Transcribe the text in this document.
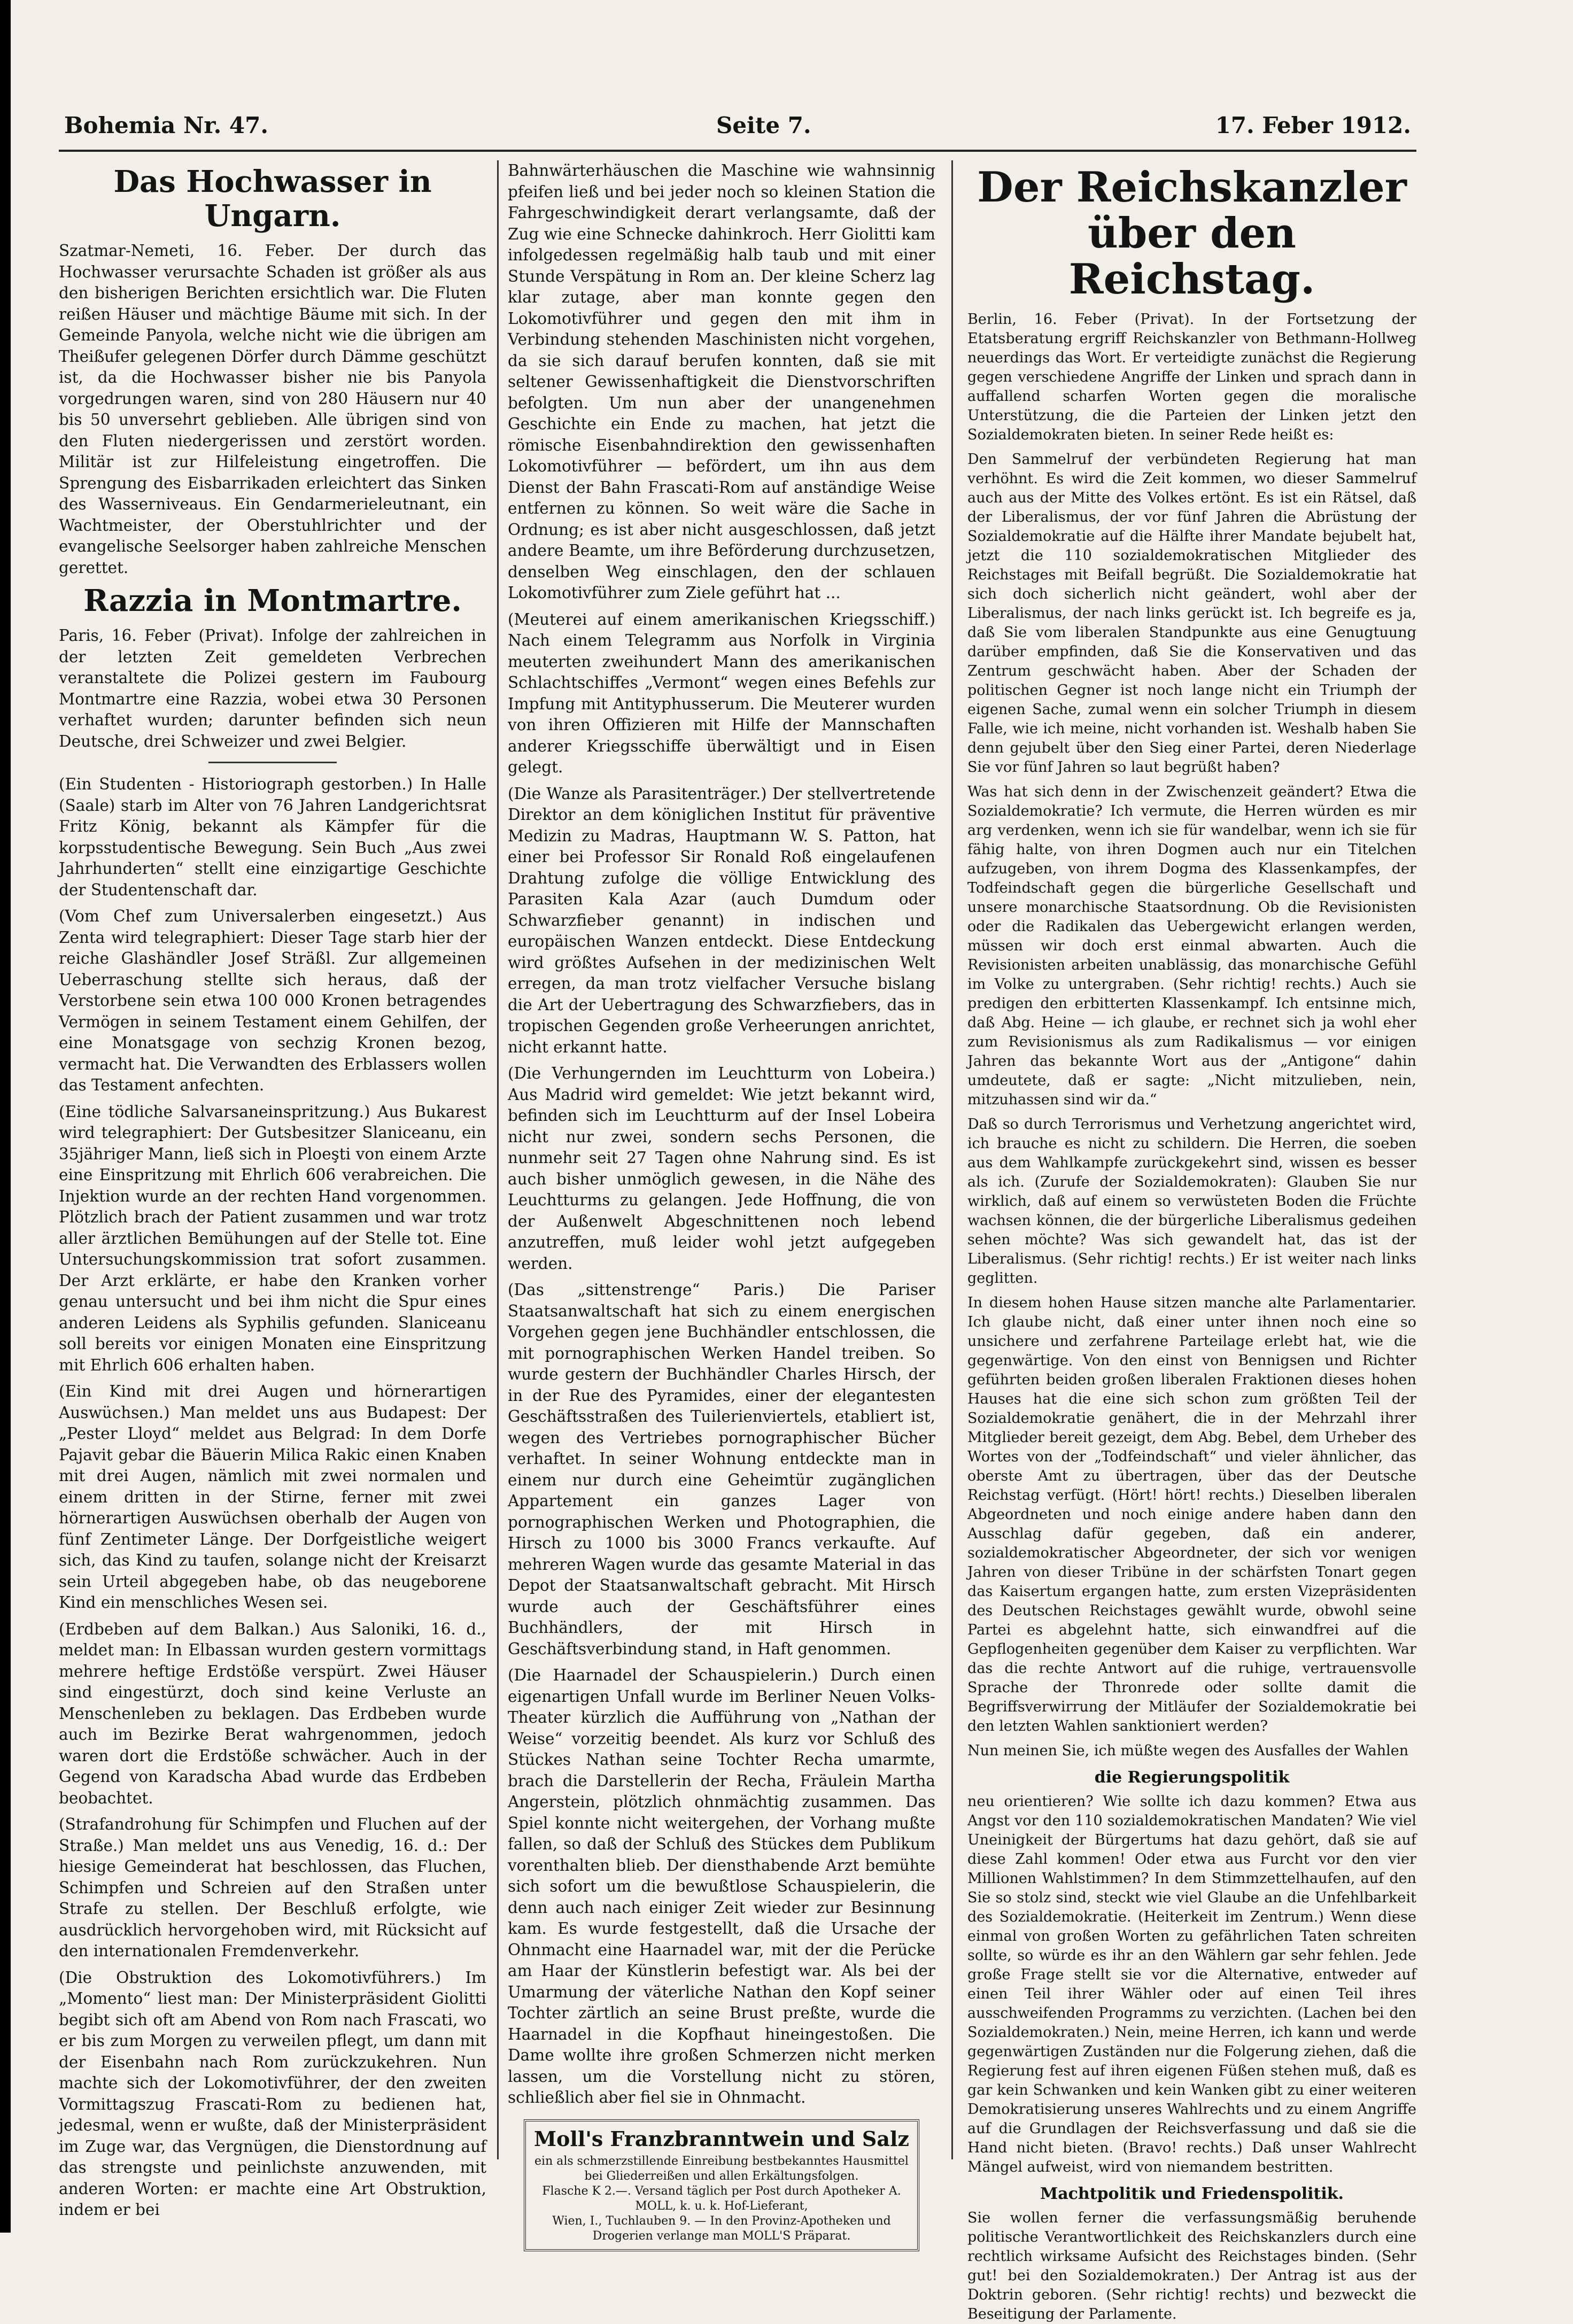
Bohemia Nr. 47.	Seite 7.	17. Feber 1912.
Das Hochwasser in Ungarn.

Szatmar-Nemeti, 16. Feber. Der durch das Hochwasser verursachte Schaden ist größer als aus den bisherigen Berichten ersichtlich war. Die Fluten reißen Häuser und mächtige Bäume mit sich. In der Gemeinde Panyola, welche nicht wie die übrigen am Theißufer gelegenen Dörfer durch Dämme geschützt ist, da die Hochwasser bisher nie bis Panyola vorgedrungen waren, sind von 280 Häusern nur 40 bis 50 unversehrt geblieben. Alle übrigen sind von den Fluten niedergerissen und zerstört worden. Militär ist zur Hilfeleistung eingetroffen. Die Sprengung des Eisbarrikaden erleichtert das Sinken des Wasserniveaus. Ein Gendarmerieleutnant, ein Wachtmeister, der Oberstuhlrichter und der evangelische Seelsorger haben zahlreiche Menschen gerettet.

Razzia in Montmartre.

Paris, 16. Feber (Privat). Infolge der zahlreichen in der letzten Zeit gemeldeten Verbrechen veranstaltete die Polizei gestern im Faubourg Montmartre eine Razzia, wobei etwa 30 Personen verhaftet wurden; darunter befinden sich neun Deutsche, drei Schweizer und zwei Belgier.

(Ein Studenten - Historiograph gestorben.) In Halle (Saale) starb im Alter von 76 Jahren Landgerichtsrat Fritz König, bekannt als Kämpfer für die korpsstudentische Bewegung. Sein Buch „Aus zwei Jahrhunderten“ stellt eine einzigartige Geschichte der Studentenschaft dar.

(Vom Chef zum Universalerben eingesetzt.) Aus Zenta wird telegraphiert: Dieser Tage starb hier der reiche Glashändler Josef Sträßl. Zur allgemeinen Ueberraschung stellte sich heraus, daß der Verstorbene sein etwa 100 000 Kronen betragendes Vermögen in seinem Testament einem Gehilfen, der eine Monatsgage von sechzig Kronen bezog, vermacht hat. Die Verwandten des Erblassers wollen das Testament anfechten.

(Eine tödliche Salvarsaneinspritzung.) Aus Bukarest wird telegraphiert: Der Gutsbesitzer Slaniceanu, ein 35jähriger Mann, ließ sich in Ploeşti von einem Arzte eine Einspritzung mit Ehrlich 606 verabreichen. Die Injektion wurde an der rechten Hand vorgenommen. Plötzlich brach der Patient zusammen und war trotz aller ärztlichen Bemühungen auf der Stelle tot. Eine Untersuchungskommission trat sofort zusammen. Der Arzt erklärte, er habe den Kranken vorher genau untersucht und bei ihm nicht die Spur eines anderen Leidens als Syphilis gefunden. Slaniceanu soll bereits vor einigen Monaten eine Einspritzung mit Ehrlich 606 erhalten haben.

(Ein Kind mit drei Augen und hörnerartigen Auswüchsen.) Man meldet uns aus Budapest: Der „Pester Lloyd“ meldet aus Belgrad: In dem Dorfe Pajavit gebar die Bäuerin Milica Rakic einen Knaben mit drei Augen, nämlich mit zwei normalen und einem dritten in der Stirne, ferner mit zwei hörnerartigen Auswüchsen oberhalb der Augen von fünf Zentimeter Länge. Der Dorfgeistliche weigert sich, das Kind zu taufen, solange nicht der Kreisarzt sein Urteil abgegeben habe, ob das neugeborene Kind ein menschliches Wesen sei.

(Erdbeben auf dem Balkan.) Aus Saloniki, 16. d., meldet man: In Elbassan wurden gestern vormittags mehrere heftige Erdstöße verspürt. Zwei Häuser sind eingestürzt, doch sind keine Verluste an Menschenleben zu beklagen. Das Erdbeben wurde auch im Bezirke Berat wahrgenommen, jedoch waren dort die Erdstöße schwächer. Auch in der Gegend von Karadscha Abad wurde das Erdbeben beobachtet.

(Strafandrohung für Schimpfen und Fluchen auf der Straße.) Man meldet uns aus Venedig, 16. d.: Der hiesige Gemeinderat hat beschlossen, das Fluchen, Schimpfen und Schreien auf den Straßen unter Strafe zu stellen. Der Beschluß erfolgte, wie ausdrücklich hervorgehoben wird, mit Rücksicht auf den internationalen Fremdenverkehr.

(Die Obstruktion des Lokomotivführers.) Im „Momento“ liest man: Der Ministerpräsident Giolitti begibt sich oft am Abend von Rom nach Frascati, wo er bis zum Morgen zu verweilen pflegt, um dann mit der Eisenbahn nach Rom zurückzukehren. Nun machte sich der Lokomotivführer, der den zweiten Vormittagszug Frascati-Rom zu bedienen hat, jedesmal, wenn er wußte, daß der Ministerpräsident im Zuge war, das Vergnügen, die Dienstordnung auf das strengste und peinlichste anzuwenden, mit anderen Worten: er machte eine Art Obstruktion, indem er bei

Bahnwärterhäuschen die Maschine wie wahnsinnig pfeifen ließ und bei jeder noch so kleinen Station die Fahrgeschwindigkeit derart verlangsamte, daß der Zug wie eine Schnecke dahinkroch. Herr Giolitti kam infolgedessen regelmäßig halb taub und mit einer Stunde Verspätung in Rom an. Der kleine Scherz lag klar zutage, aber man konnte gegen den Lokomotivführer und gegen den mit ihm in Verbindung stehenden Maschinisten nicht vorgehen, da sie sich darauf berufen konnten, daß sie mit seltener Gewissenhaftigkeit die Dienstvorschriften befolgten. Um nun aber der unangenehmen Geschichte ein Ende zu machen, hat jetzt die römische Eisenbahndirektion den gewissenhaften Lokomotivführer — befördert, um ihn aus dem Dienst der Bahn Frascati-Rom auf anständige Weise entfernen zu können. So weit wäre die Sache in Ordnung; es ist aber nicht ausgeschlossen, daß jetzt andere Beamte, um ihre Beförderung durchzusetzen, denselben Weg einschlagen, den der schlauen Lokomotivführer zum Ziele geführt hat ...

(Meuterei auf einem amerikanischen Kriegsschiff.) Nach einem Telegramm aus Norfolk in Virginia meuterten zweihundert Mann des amerikanischen Schlachtschiffes „Vermont“ wegen eines Befehls zur Impfung mit Antityphusserum. Die Meuterer wurden von ihren Offizieren mit Hilfe der Mannschaften anderer Kriegsschiffe überwältigt und in Eisen gelegt.

(Die Wanze als Parasitenträger.) Der stellvertretende Direktor an dem königlichen Institut für präventive Medizin zu Madras, Hauptmann W. S. Patton, hat einer bei Professor Sir Ronald Roß eingelaufenen Drahtung zufolge die völlige Entwicklung des Parasiten Kala Azar (auch Dumdum oder Schwarzfieber genannt) in indischen und europäischen Wanzen entdeckt. Diese Entdeckung wird größtes Aufsehen in der medizinischen Welt erregen, da man trotz vielfacher Versuche bislang die Art der Uebertragung des Schwarzfiebers, das in tropischen Gegenden große Verheerungen anrichtet, nicht erkannt hatte.

(Die Verhungernden im Leuchtturm von Lobeira.) Aus Madrid wird gemeldet: Wie jetzt bekannt wird, befinden sich im Leuchtturm auf der Insel Lobeira nicht nur zwei, sondern sechs Personen, die nunmehr seit 27 Tagen ohne Nahrung sind. Es ist auch bisher unmöglich gewesen, in die Nähe des Leuchtturms zu gelangen. Jede Hoffnung, die von der Außenwelt Abgeschnittenen noch lebend anzutreffen, muß leider wohl jetzt aufgegeben werden.

(Das „sittenstrenge“ Paris.) Die Pariser Staatsanwaltschaft hat sich zu einem energischen Vorgehen gegen jene Buchhändler entschlossen, die mit pornographischen Werken Handel treiben. So wurde gestern der Buchhändler Charles Hirsch, der in der Rue des Pyramides, einer der elegantesten Geschäftsstraßen des Tuilerienviertels, etabliert ist, wegen des Vertriebes pornographischer Bücher verhaftet. In seiner Wohnung entdeckte man in einem nur durch eine Geheimtür zugänglichen Appartement ein ganzes Lager von pornographischen Werken und Photographien, die Hirsch zu 1000 bis 3000 Francs verkaufte. Auf mehreren Wagen wurde das gesamte Material in das Depot der Staatsanwaltschaft gebracht. Mit Hirsch wurde auch der Geschäftsführer eines Buchhändlers, der mit Hirsch in Geschäftsverbindung stand, in Haft genommen.

(Die Haarnadel der Schauspielerin.) Durch einen eigenartigen Unfall wurde im Berliner Neuen Volks-Theater kürzlich die Aufführung von „Nathan der Weise“ vorzeitig beendet. Als kurz vor Schluß des Stückes Nathan seine Tochter Recha umarmte, brach die Darstellerin der Recha, Fräulein Martha Angerstein, plötzlich ohnmächtig zusammen. Das Spiel konnte nicht weitergehen, der Vorhang mußte fallen, so daß der Schluß des Stückes dem Publikum vorenthalten blieb. Der diensthabende Arzt bemühte sich sofort um die bewußtlose Schauspielerin, die denn auch nach einiger Zeit wieder zur Besinnung kam. Es wurde festgestellt, daß die Ursache der Ohnmacht eine Haarnadel war, mit der die Perücke am Haar der Künstlerin befestigt war. Als bei der Umarmung der väterliche Nathan den Kopf seiner Tochter zärtlich an seine Brust preßte, wurde die Haarnadel in die Kopfhaut hineingestoßen. Die Dame wollte ihre großen Schmerzen nicht merken lassen, um die Vorstellung nicht zu stören, schließlich aber fiel sie in Ohnmacht.

Moll's Franzbranntwein und Salz
ein als schmerzstillende Einreibung bestbekanntes Hausmittel bei Gliederreißen und allen Erkältungsfolgen.
Flasche K 2.—. Versand täglich per Post durch Apotheker A. MOLL, k. u. k. Hof-Lieferant,
Wien, I., Tuchlauben 9. — In den Provinz-Apotheken und Drogerien verlange man MOLL'S Präparat.
Der Reichskanzler über den Reichstag.

Berlin, 16. Feber (Privat). In der Fortsetzung der Etatsberatung ergriff Reichskanzler von Bethmann-Hollweg neuerdings das Wort. Er verteidigte zunächst die Regierung gegen verschiedene Angriffe der Linken und sprach dann in auffallend scharfen Worten gegen die moralische Unterstützung, die die Parteien der Linken jetzt den Sozialdemokraten bieten. In seiner Rede heißt es:

Den Sammelruf der verbündeten Regierung hat man verhöhnt. Es wird die Zeit kommen, wo dieser Sammelruf auch aus der Mitte des Volkes ertönt. Es ist ein Rätsel, daß der Liberalismus, der vor fünf Jahren die Abrüstung der Sozialdemokratie auf die Hälfte ihrer Mandate bejubelt hat, jetzt die 110 sozialdemokratischen Mitglieder des Reichstages mit Beifall begrüßt. Die Sozialdemokratie hat sich doch sicherlich nicht geändert, wohl aber der Liberalismus, der nach links gerückt ist. Ich begreife es ja, daß Sie vom liberalen Standpunkte aus eine Genugtuung darüber empfinden, daß Sie die Konservativen und das Zentrum geschwächt haben. Aber der Schaden der politischen Gegner ist noch lange nicht ein Triumph der eigenen Sache, zumal wenn ein solcher Triumph in diesem Falle, wie ich meine, nicht vorhanden ist. Weshalb haben Sie denn gejubelt über den Sieg einer Partei, deren Niederlage Sie vor fünf Jahren so laut begrüßt haben?

Was hat sich denn in der Zwischenzeit geändert? Etwa die Sozialdemokratie? Ich vermute, die Herren würden es mir arg verdenken, wenn ich sie für wandelbar, wenn ich sie für fähig halte, von ihren Dogmen auch nur ein Titelchen aufzugeben, von ihrem Dogma des Klassenkampfes, der Todfeindschaft gegen die bürgerliche Gesellschaft und unsere monarchische Staatsordnung. Ob die Revisionisten oder die Radikalen das Uebergewicht erlangen werden, müssen wir doch erst einmal abwarten. Auch die Revisionisten arbeiten unablässig, das monarchische Gefühl im Volke zu untergraben. (Sehr richtig! rechts.) Auch sie predigen den erbitterten Klassenkampf. Ich entsinne mich, daß Abg. Heine — ich glaube, er rechnet sich ja wohl eher zum Revisionismus als zum Radikalismus — vor einigen Jahren das bekannte Wort aus der „Antigone“ dahin umdeutete, daß er sagte: „Nicht mitzulieben, nein, mitzuhassen sind wir da.“

Daß so durch Terrorismus und Verhetzung angerichtet wird, ich brauche es nicht zu schildern. Die Herren, die soeben aus dem Wahlkampfe zurückgekehrt sind, wissen es besser als ich. (Zurufe der Sozialdemokraten): Glauben Sie nur wirklich, daß auf einem so verwüsteten Boden die Früchte wachsen können, die der bürgerliche Liberalismus gedeihen sehen möchte? Was sich gewandelt hat, das ist der Liberalismus. (Sehr richtig! rechts.) Er ist weiter nach links geglitten.

In diesem hohen Hause sitzen manche alte Parlamentarier. Ich glaube nicht, daß einer unter ihnen noch eine so unsichere und zerfahrene Parteilage erlebt hat, wie die gegenwärtige. Von den einst von Bennigsen und Richter geführten beiden großen liberalen Fraktionen dieses hohen Hauses hat die eine sich schon zum größten Teil der Sozialdemokratie genähert, die in der Mehrzahl ihrer Mitglieder bereit gezeigt, dem Abg. Bebel, dem Urheber des Wortes von der „Todfeindschaft“ und vieler ähnlicher, das oberste Amt zu übertragen, über das der Deutsche Reichstag verfügt. (Hört! hört! rechts.) Dieselben liberalen Abgeordneten und noch einige andere haben dann den Ausschlag dafür gegeben, daß ein anderer, sozialdemokratischer Abgeordneter, der sich vor wenigen Jahren von dieser Tribüne in der schärfsten Tonart gegen das Kaisertum ergangen hatte, zum ersten Vizepräsidenten des Deutschen Reichstages gewählt wurde, obwohl seine Partei es abgelehnt hatte, sich einwandfrei auf die Gepflogenheiten gegenüber dem Kaiser zu verpflichten. War das die rechte Antwort auf die ruhige, vertrauensvolle Sprache der Thronrede oder sollte damit die Begriffsverwirrung der Mitläufer der Sozialdemokratie bei den letzten Wahlen sanktioniert werden?

Nun meinen Sie, ich müßte wegen des Ausfalles der Wahlen

die Regierungspolitik

neu orientieren? Wie sollte ich dazu kommen? Etwa aus Angst vor den 110 sozialdemokratischen Mandaten? Wie viel Uneinigkeit der Bürgertums hat dazu gehört, daß sie auf diese Zahl kommen! Oder etwa aus Furcht vor den vier Millionen Wahlstimmen? In dem Stimmzettelhaufen, auf den Sie so stolz sind, steckt wie viel Glaube an die Unfehlbarkeit des Sozialdemokratie. (Heiterkeit im Zentrum.) Wenn diese einmal von großen Worten zu gefährlichen Taten schreiten sollte, so würde es ihr an den Wählern gar sehr fehlen. Jede große Frage stellt sie vor die Alternative, entweder auf einen Teil ihrer Wähler oder auf einen Teil ihres ausschweifenden Programms zu verzichten. (Lachen bei den Sozialdemokraten.) Nein, meine Herren, ich kann und werde gegenwärtigen Zuständen nur die Folgerung ziehen, daß die Regierung fest auf ihren eigenen Füßen stehen muß, daß es gar kein Schwanken und kein Wanken gibt zu einer weiteren Demokratisierung unseres Wahlrechts und zu einem Angriffe auf die Grundlagen der Reichsverfassung und daß sie die Hand nicht bieten. (Bravo! rechts.) Daß unser Wahlrecht Mängel aufweist, wird von niemandem bestritten.

Machtpolitik und Friedenspolitik.

Sie wollen ferner die verfassungsmäßig beruhende politische Verantwortlichkeit des Reichskanzlers durch eine rechtlich wirksame Aufsicht des Reichstages binden. (Sehr gut! bei den Sozialdemokraten.) Der Antrag ist aus der Doktrin geboren. (Sehr richtig! rechts) und bezweckt die Beseitigung der Parlamente.
